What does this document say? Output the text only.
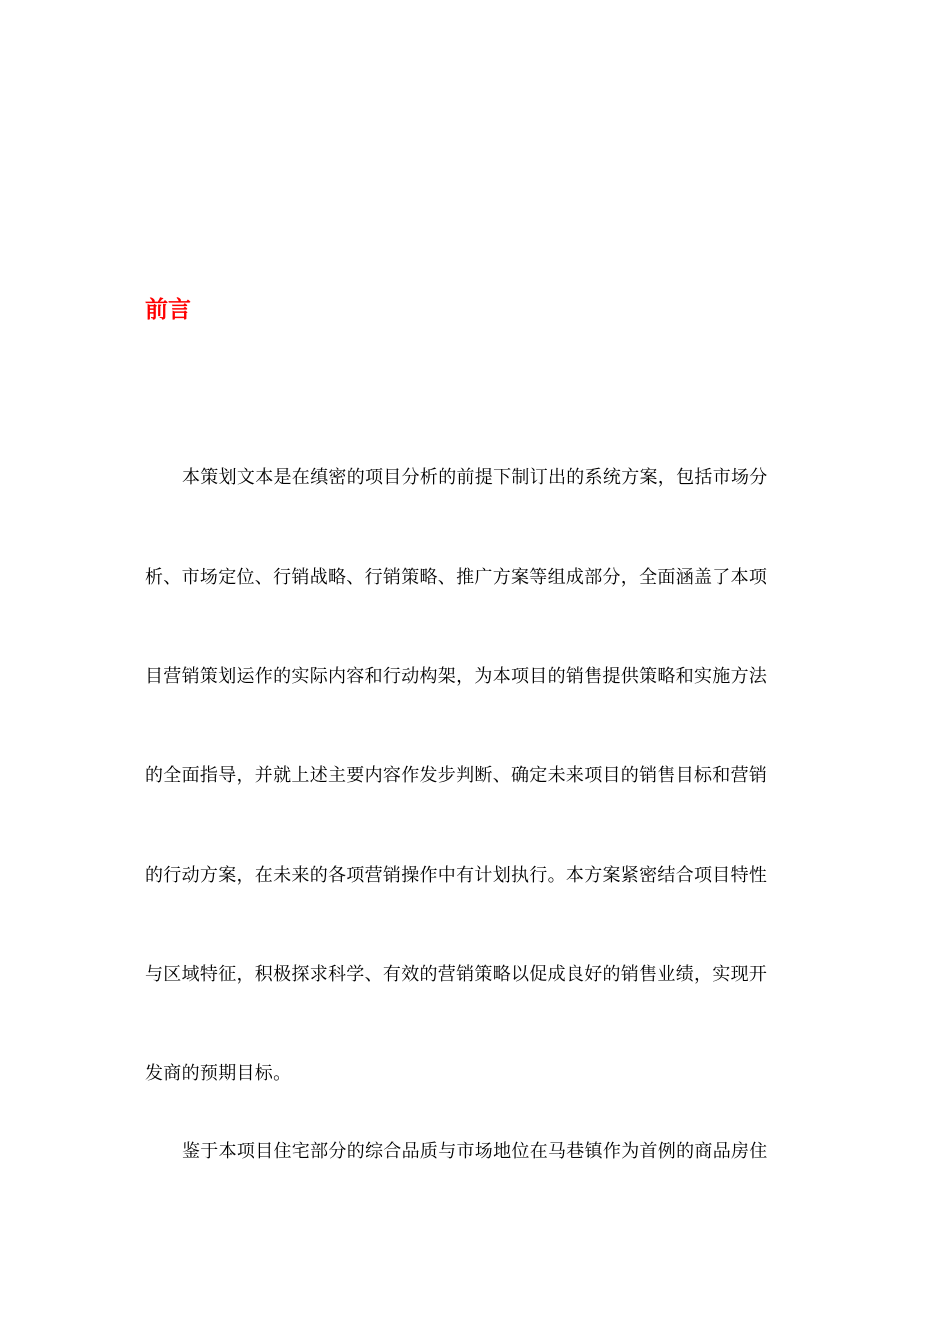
前言
本策划文本是在缜密的项目分析的前提下制订出的系统方案，包括市场分
析、市场定位、行销战略、行销策略、推广方案等组成部分，全面涵盖了本项
目营销策划运作的实际内容和行动构架，为本项目的销售提供策略和实施方法
的全面指导，并就上述主要内容作发步判断、确定未来项目的销售目标和营销
的行动方案，在未来的各项营销操作中有计划执行。本方案紧密结合项目特性
与区域特征，积极探求科学、有效的营销策略以促成良好的销售业绩，实现开
发商的预期目标。
鉴于本项目住宅部分的综合品质与市场地位在马巷镇作为首例的商品房住
